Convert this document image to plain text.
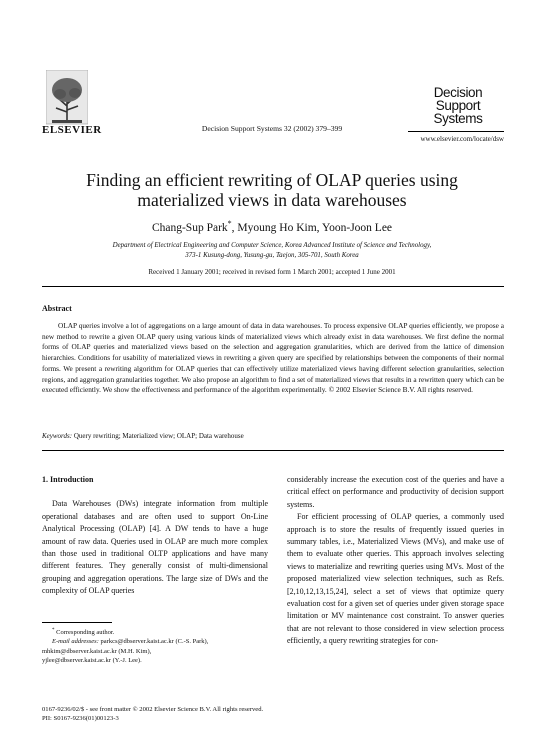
ELSEVIER	Decision Support Systems 32 (2002) 379–399
Decision Support
Systems
www.elsevier.com/locate/dsw
Finding an efficient rewriting of OLAP queries using materialized views in data warehouses
Chang-Sup Park*, Myoung Ho Kim, Yoon-Joon Lee
Department of Electrical Engineering and Computer Science, Korea Advanced Institute of Science and Technology,
373-1 Kusung-dong, Yusung-gu, Taejon, 305-701, South Korea
Received 1 January 2001; received in revised form 1 March 2001; accepted 1 June 2001
Abstract
OLAP queries involve a lot of aggregations on a large amount of data in data warehouses. To process expensive OLAP queries efficiently, we propose a new method to rewrite a given OLAP query using various kinds of materialized views which already exist in data warehouses. We first define the normal forms of OLAP queries and materialized views based on the selection and aggregation granularities, which are derived from the lattice of dimension hierarchies. Conditions for usability of materialized views in rewriting a given query are specified by relationships between the components of their normal forms. We present a rewriting algorithm for OLAP queries that can effectively utilize materialized views having different selection granularities, selection regions, and aggregation granularities together. We also propose an algorithm to find a set of materialized views that results in a rewritten query which can be executed efficiently. We show the effectiveness and performance of the algorithm experimentally. © 2002 Elsevier Science B.V. All rights reserved.
Keywords: Query rewriting; Materialized view; OLAP; Data warehouse

1. Introduction

Data Warehouses (DWs) integrate information from multiple operational databases and are often used to support On-Line Analytical Processing (OLAP) [4]. A DW tends to have a huge amount of raw data. Queries used in OLAP are much more complex than those used in traditional OLTP applications and have many different features. They generally consist of multi-dimensional grouping and aggregation operations. The large size of DWs and the complexity of OLAP queries

considerably increase the execution cost of the queries and have a critical effect on performance and productivity of decision support systems.

For efficient processing of OLAP queries, a commonly used approach is to store the results of frequently issued queries in summary tables, i.e., Materialized Views (MVs), and make use of them to evaluate other queries. This approach involves selecting views to materialize and rewriting queries using MVs. Most of the proposed materialized view selection techniques, such as Refs. [2,10,12,13,15,24], select a set of views that optimize query evaluation cost for a given set of queries under given storage space limitation or MV maintenance cost constraint. To answer queries that are not relevant to those considered in view selection process efficiently, a query rewriting strategies for con-

* Corresponding author.
E-mail addresses: parkcs@dbserver.kaist.ac.kr (C.-S. Park),
mhkim@dbserver.kaist.ac.kr (M.H. Kim),
yjlee@dbserver.kaist.ac.kr (Y.-J. Lee).
0167-9236/02/$ - see front matter © 2002 Elsevier Science B.V. All rights reserved.
PII: S0167-9236(01)00123-3
